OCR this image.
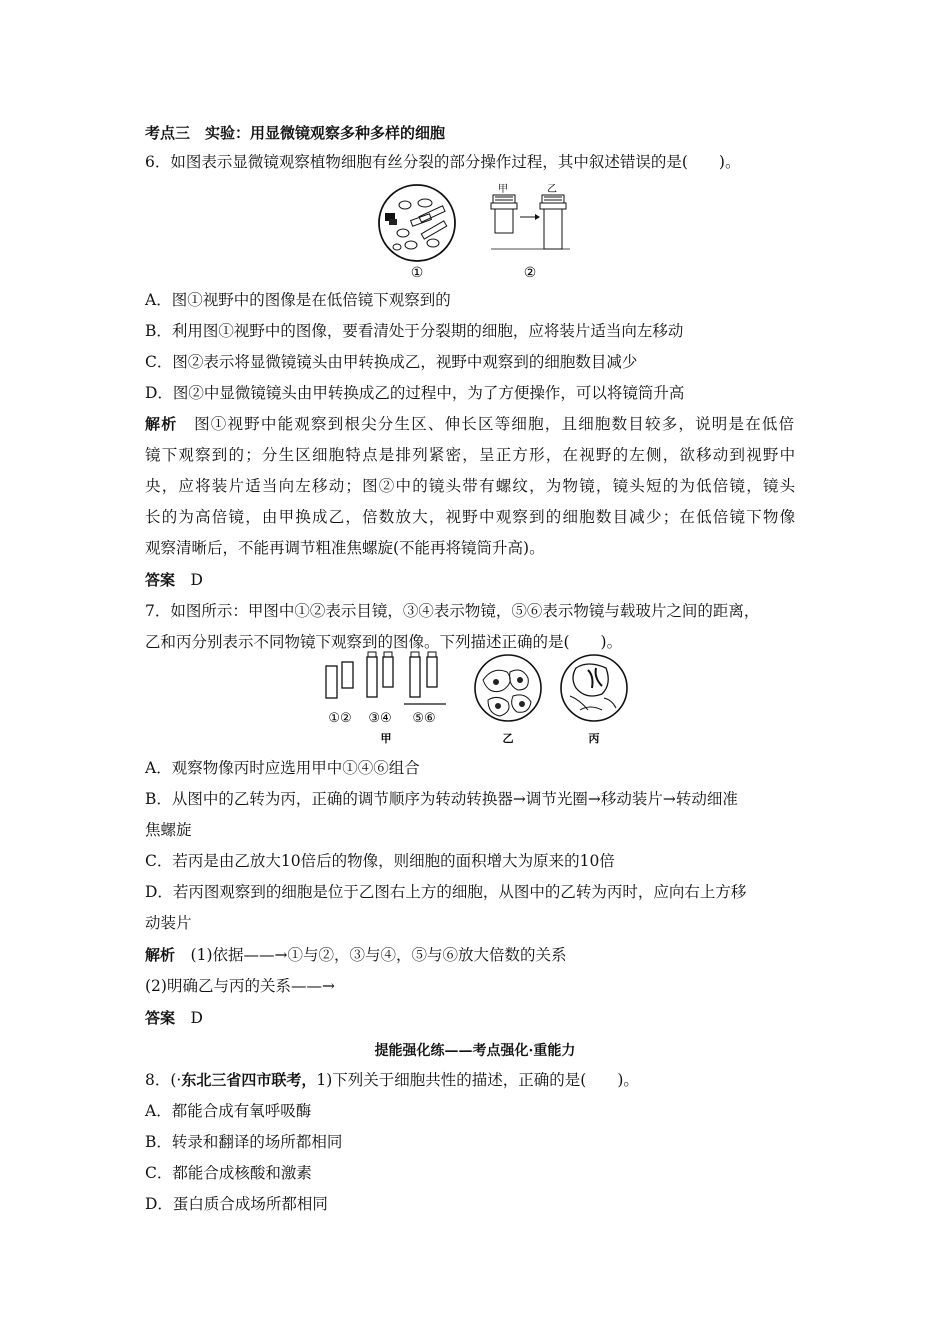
考点三　实验：用显微镜观察多种多样的细胞
6．如图表示显微镜观察植物细胞有丝分裂的部分操作过程，其中叙述错误的是(　　)。
①
甲	乙
②
A．图①视野中的图像是在低倍镜下观察到的
B．利用图①视野中的图像，要看清处于分裂期的细胞，应将装片适当向左移动
C．图②表示将显微镜镜头由甲转换成乙，视野中观察到的细胞数目减少
D．图②中显微镜镜头由甲转换成乙的过程中，为了方便操作，可以将镜筒升高
解析　 图①视野中能观察到根尖分生区、伸长区等细胞，且细胞数目较多，说明是在低倍
镜下观察到的；分生区细胞特点是排列紧密，呈正方形，在视野的左侧，欲移动到视野中
央，应将装片适当向左移动；图②中的镜头带有螺纹，为物镜，镜头短的为低倍镜，镜头
长的为高倍镜，由甲换成乙，倍数放大，视野中观察到的细胞数目减少；在低倍镜下物像
观察清晰后，不能再调节粗准焦螺旋(不能再将镜筒升高)。
答案　 D
7．如图所示：甲图中①②表示目镜，③④表示物镜，⑤⑥表示物镜与载玻片之间的距离，
乙和丙分别表示不同物镜下观察到的图像。下列描述正确的是(　　)。
①② ③④ ⑤⑥
甲	乙	丙
A．观察物像丙时应选用甲中①④⑥组合
B．从图中的乙转为丙，正确的调节顺序为转动转换器→调节光圈→移动装片→转动细准
焦螺旋
C．若丙是由乙放大10倍后的物像，则细胞的面积增大为原来的10倍
D．若丙图观察到的细胞是位于乙图右上方的细胞，从图中的乙转为丙时，应向右上方移
动装片
解析　 (1)依据——→①与②，③与④，⑤与⑥放大倍数的关系
(2)明确乙与丙的关系——→
答案　 D
提能强化练——考点强化·重能力
8．(·东北三省四市联考，1)下列关于细胞共性的描述，正确的是(　　)。
A．都能合成有氧呼吸酶
B．转录和翻译的场所都相同
C．都能合成核酸和激素
D．蛋白质合成场所都相同
